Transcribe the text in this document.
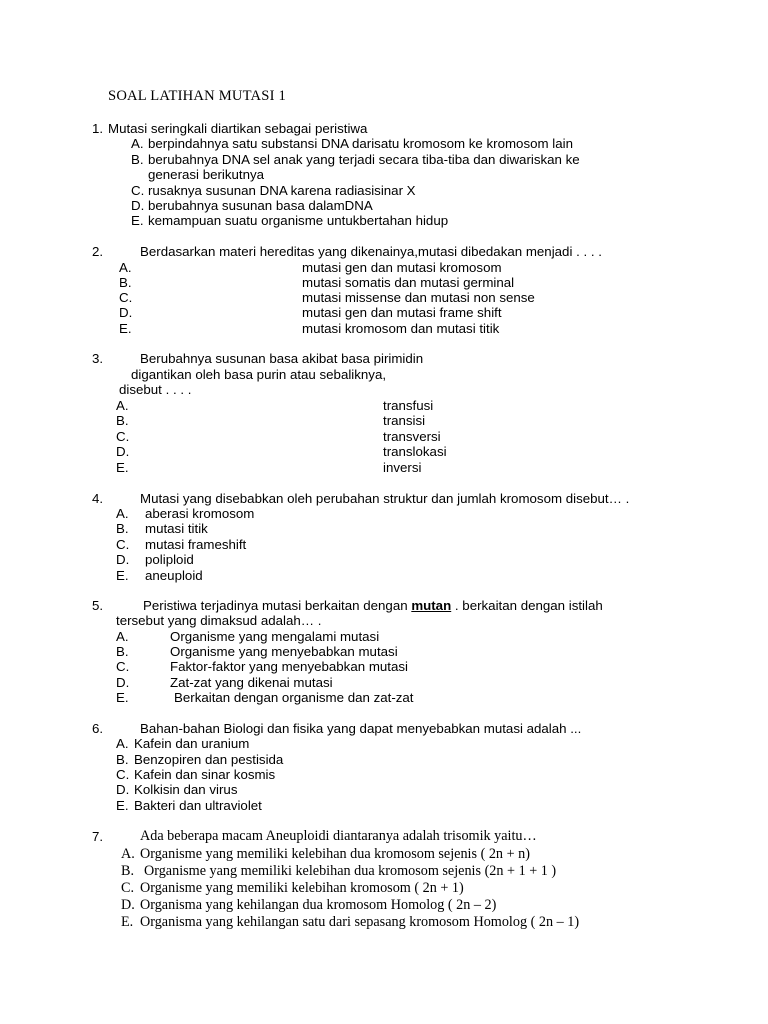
SOAL LATIHAN MUTASI 1
1. Mutasi seringkali diartikan sebagai peristiwa
A. berpindahnya satu substansi DNA darisatu kromosom ke kromosom lain
B. berubahnya DNA sel anak yang terjadi secara tiba-tiba dan diwariskan ke
generasi berikutnya
C. rusaknya susunan DNA karena radiasisinar X
D. berubahnya susunan basa dalamDNA
E. kemampuan suatu organisme untukbertahan hidup
2.	Berdasarkan materi hereditas yang dikenainya,mutasi dibedakan menjadi . . . .
A.	mutasi gen dan mutasi kromosom
B.	mutasi somatis dan mutasi germinal
C.	mutasi missense dan mutasi non sense
D.	mutasi gen dan mutasi frame shift
E.	mutasi kromosom dan mutasi titik
3.	Berubahnya susunan basa akibat basa pirimidin
digantikan oleh basa purin atau sebaliknya,
disebut . . . .
A.	transfusi
B.	transisi
C.	transversi
D.	translokasi
E.	inversi
4.	Mutasi yang disebabkan oleh perubahan struktur dan jumlah kromosom disebut… .
A. aberasi kromosom
B. mutasi titik
C. mutasi frameshift
D. poliploid
E. aneuploid
5.	Peristiwa terjadinya mutasi berkaitan dengan mutan . berkaitan dengan istilah
tersebut yang dimaksud adalah… .
A.	Organisme yang mengalami mutasi
B.	Organisme yang menyebabkan mutasi
C.	Faktor-faktor yang menyebabkan mutasi
D.	Zat-zat yang dikenai mutasi
E.	Berkaitan dengan organisme dan zat-zat
6.	Bahan-bahan Biologi dan fisika yang dapat menyebabkan mutasi adalah ...
A. Kafein dan uranium
B. Benzopiren dan pestisida
C. Kafein dan sinar kosmis
D. Kolkisin dan virus
E. Bakteri dan ultraviolet
7.	Ada beberapa macam Aneuploidi diantaranya adalah trisomik yaitu…
A. Organisme yang memiliki kelebihan dua kromosom sejenis ( 2n + n)
B. Organisme yang memiliki kelebihan dua kromosom sejenis (2n + 1 + 1 )
C. Organisme yang memiliki kelebihan kromosom ( 2n + 1)
D. Organisma yang kehilangan dua kromosom Homolog ( 2n – 2)
E. Organisma yang kehilangan satu dari sepasang kromosom Homolog ( 2n – 1)
